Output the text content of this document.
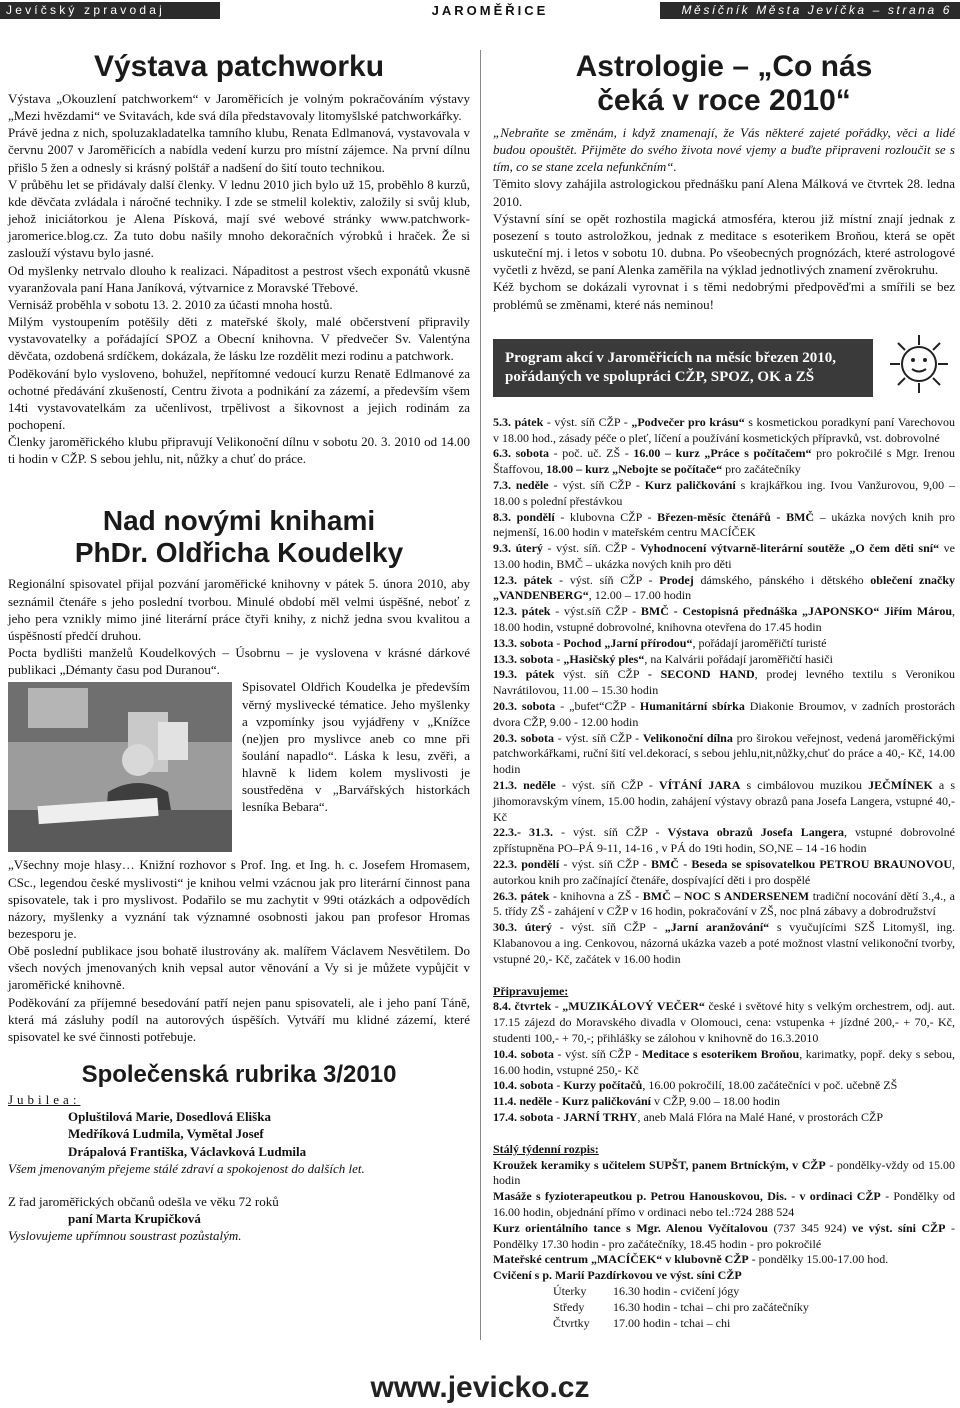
Jevíčský zpravodaj 3/2010
JAROMĚŘICE	Měsíčník Města Jevíčka – strana 6
Výstava patchworku

Výstava „Okouzlení patchworkem“ v Jaroměřicích je volným pokračováním výstavy „Mezi hvězdami“ ve Svitavách, kde svá díla představovaly litomyšlské patchworkářky.

Právě jedna z nich, spoluzakladatelka tamního klubu, Renata Edlmanová, vystavovala v červnu 2007 v Jaroměřicích a nabídla vedení kurzu pro místní zájemce. Na první dílnu přišlo 5 žen a odnesly si krásný polštář a nadšení do šití touto technikou.

V průběhu let se přidávaly další členky. V lednu 2010 jich bylo už 15, proběhlo 8 kurzů, kde děvčata zvládala i náročné techniky. I zde se stmelil kolektiv, založily si svůj klub, jehož iniciátorkou je Alena Písková, mají své webové stránky www.patchwork-jaromerice.blog.cz. Za tuto dobu našily mnoho dekoračních výrobků i hraček. Že si zaslouží výstavu bylo jasné.

Od myšlenky netrvalo dlouho k realizaci. Nápaditost a pestrost všech exponátů vkusně vyaranžovala paní Hana Janíková, výtvarnice z Moravské Třebové.

Vernisáž proběhla v sobotu 13. 2. 2010 za účasti mnoha hostů.

Milým vystoupením potěšily děti z mateřské školy, malé občerstvení připravily vystavovatelky a pořádající SPOZ a Obecní knihovna. V předvečer Sv. Valentýna děvčata, ozdobená srdíčkem, dokázala, že lásku lze rozdělit mezi rodinu a patchwork.

Poděkování bylo vysloveno, bohužel, nepřítomné vedoucí kurzu Renatě Edlmanové za ochotné předávání zkušeností, Centru života a podnikání za zázemí, a především všem 14ti vystavovatelkám za učenlivost, trpělivost a šikovnost a jejich rodinám za pochopení.

Členky jaroměřického klubu připravují Velikonoční dílnu v sobotu 20. 3. 2010 od 14.00 ti hodin v CŽP. S sebou jehlu, nit, nůžky a chuť do práce.

Nad novými knihami
PhDr. Oldřicha Koudelky

Regionální spisovatel přijal pozvání jaroměřické knihovny v pátek 5. února 2010, aby seznámil čtenáře s jeho poslední tvorbou. Minulé období měl velmi úspěšné, neboť z jeho pera vznikly mimo jiné literární práce čtyři knihy, z nichž jedna svou kvalitou a úspěšností předčí druhou.

Pocta bydlišti manželů Koudelkových – Úsobrnu – je vyslovena v krásné dárkové publikaci „Démanty času pod Duranou“.

Spisovatel Oldřich Koudelka je především věrný myslivecké tématice. Jeho myšlenky a vzpomínky jsou vyjádřeny v „Knížce (ne)jen pro myslivce aneb co mne při šoulání napadlo“. Láska k lesu, zvěři, a hlavně k lidem kolem myslivosti je soustředěna v „Barvářských historkách lesníka Bebara“.

„Všechny moje hlasy… Knižní rozhovor s Prof. Ing. et Ing. h. c. Josefem Hromasem, CSc., legendou české myslivosti“ je knihou velmi vzácnou jak pro literární činnost pana spisovatele, tak i pro myslivost. Podařilo se mu zachytit v 99ti otázkách a odpovědích názory, myšlenky a vyznání tak významné osobnosti jakou pan profesor Hromas bezesporu je.

Obě poslední publikace jsou bohatě ilustrovány ak. malířem Václavem Nesvětilem. Do všech nových jmenovaných knih vepsal autor věnování a Vy si je můžete vypůjčit v jaroměřické knihovně.

Poděkování za příjemné besedování patří nejen panu spisovateli, ale i jeho paní Táně, která má zásluhy podíl na autorových úspěších. Vytváří mu klidné zázemí, které spisovatel ke své činnosti potřebuje.

Společenská rubrika 3/2010
Jubilea:
Opluštilová Marie, Dosedlová Eliška
Medříková Ludmila, Vymětal Josef
Drápalová Františka, Václavková Ludmila
Všem jmenovaným přejeme stálé zdraví a spokojenost do dalších let.
Z řad jaroměřických občanů odešla ve věku 72 roků
paní Marta Krupičková
Vyslovujeme upřímnou soustrast pozůstalým.
Astrologie – „Co nás
čeká v roce 2010“

„Nebraňte se změnám, i když znamenají, že Vás některé zajeté pořádky, věci a lidé budou opouštět. Přijměte do svého života nové vjemy a buďte připraveni rozloučit se s tím, co se stane zcela nefunkčním“.

Těmito slovy zahájila astrologickou přednášku paní Alena Málková ve čtvrtek 28. ledna 2010.

Výstavní síní se opět rozhostila magická atmosféra, kterou již místní znají jednak z posezení s touto astroložkou, jednak z meditace s esoterikem Broňou, která se opět uskuteční mj. i letos v sobotu 10. dubna. Po všeobecných prognózách, které astrologové vyčetli z hvězd, se paní Alenka zaměřila na výklad jednotlivých znamení zvěrokruhu.

Kéž bychom se dokázali vyrovnat i s těmi nedobrými předpověďmi a smířili se bez problémů se změnami, které nás neminou!

Program akcí v Jaroměřicích na měsíc březen 2010, pořádaných ve spolupráci CŽP, SPOZ, OK a ZŠ
5.3. pátek - výst. síň CŽP - „Podvečer pro krásu“ s kosmetickou poradkyní paní Varechovou v 18.00 hod., zásady péče o pleť, líčení a používání kosmetických přípravků, vst. dobrovolné
6.3. sobota - poč. uč. ZŠ - 16.00 – kurz „Práce s počítačem“ pro pokročilé s Mgr. Irenou Štaffovou, 18.00 – kurz „Nebojte se počítače“ pro začátečníky
7.3. neděle - výst. síň CŽP - Kurz paličkování s krajkářkou ing. Ivou Vanžurovou, 9,00 – 18.00 s polední přestávkou
8.3. pondělí - klubovna CŽP - Březen-měsíc čtenářů - BMČ – ukázka nových knih pro nejmenší, 16.00 hodin v mateřském centru MACÍČEK
9.3. úterý - výst. síň. CŽP - Vyhodnocení výtvarně-literární soutěže „O čem děti sní“ ve 13.00 hodin, BMČ – ukázka nových knih pro děti
12.3. pátek - výst. síň CŽP - Prodej dámského, pánského i dětského oblečení značky „VANDENBERG“, 12.00 – 17.00 hodin
12.3. pátek - výst.síň CŽP - BMČ - Cestopisná přednáška „JAPONSKO“ Jiřím Márou, 18.00 hodin, vstupné dobrovolné, knihovna otevřena do 17.45 hodin
13.3. sobota - Pochod „Jarní přírodou“, pořádají jaroměřičtí turisté
13.3. sobota - „Hasičský ples“, na Kalvárii pořádají jaroměřičtí hasiči
19.3. pátek výst. síň CŽP - SECOND HAND, prodej levného textilu s Veronikou Navrátilovou, 11.00 – 15.30 hodin
20.3. sobota - „bufet“CŽP - Humanitární sbírka Diakonie Broumov, v zadních prostorách dvora CŽP, 9.00 - 12.00 hodin
20.3. sobota - výst. síň CŽP - Velikonoční dílna pro širokou veřejnost, vedená jaroměřickými patchworkářkami, ruční šití vel.dekorací, s sebou jehlu,nit,nůžky,chuť do práce a 40,- Kč, 14.00 hodin
21.3. neděle - výst. síň CŽP - VÍTÁNÍ JARA s cimbálovou muzikou JEČMÍNEK a s jihomoravským vínem, 15.00 hodin, zahájení výstavy obrazů pana Josefa Langera, vstupné 40,-Kč
22.3.- 31.3. - výst. síň CŽP - Výstava obrazů Josefa Langera, vstupné dobrovolné zpřístupněna PO–PÁ 9-11, 14-16 , v PÁ do 19ti hodin, SO,NE – 14 -16 hodin
22.3. pondělí - výst. síň CŽP - BMČ - Beseda se spisovatelkou PETROU BRAUNOVOU, autorkou knih pro začínající čtenáře, dospívající děti i pro dospělé
26.3. pátek - knihovna a ZŠ - BMČ – NOC S ANDERSENEM tradiční nocování dětí 3.,4., a 5. třídy ZŠ - zahájení v CŽP v 16 hodin, pokračování v ZŠ, noc plná zábavy a dobrodružství
30.3. úterý - výst. síň CŽP - „Jarní aranžování“ s vyučujícími SZŠ Litomyšl, ing. Klabanovou a ing. Cenkovou, názorná ukázka vazeb a poté možnost vlastní velikonoční tvorby, vstupné 20,- Kč, začátek v 16.00 hodin
Připravujeme:
8.4. čtvrtek - „MUZIKÁLOVÝ VEČER“ české i světové hity s velkým orchestrem, odj. aut. 17.15 zájezd do Moravského divadla v Olomouci, cena: vstupenka + jízdné 200,- + 70,- Kč, studenti 100,- + 70,-; přihlášky se zálohou v knihovně do 16.3.2010
10.4. sobota - výst. síň CŽP - Meditace s esoterikem Broňou, karimatky, popř. deky s sebou, 16.00 hodin, vstupné 250,- Kč
10.4. sobota - Kurzy počítačů, 16.00 pokročilí, 18.00 začátečníci v poč. učebně ZŠ
11.4. neděle - Kurz paličkování v CŽP, 9.00 – 18.00 hodin
17.4. sobota - JARNÍ TRHY, aneb Malá Flóra na Malé Hané, v prostorách CŽP
Stálý týdenní rozpis:
Kroužek keramiky s učitelem SUPŠT, panem Brtníckým, v CŽP - pondělky-vždy od 15.00 hodin
Masáže s fyzioterapeutkou p. Petrou Hanouskovou, Dis. - v ordinaci CŽP - Pondělky od 16.00 hodin, objednání přímo v ordinaci nebo tel.:724 288 524
Kurz orientálního tance s Mgr. Alenou Vyčítalovou (737 345 924) ve výst. síni CŽP - Pondělky 17.30 hodin - pro začátečníky, 18.45 hodin - pro pokročilé
Mateřské centrum „MACÍČEK“ v klubovně CŽP - pondělky 15.00-17.00 hod.
Cvičení s p. Marií Pazdírkovou ve výst. síni CŽP
Úterky	16.30 hodin - cvičení jógy
Středy	16.30 hodin - tchai – chi pro začátečníky
Čtvrtky	17.00 hodin - tchai – chi
www.jevicko.cz
